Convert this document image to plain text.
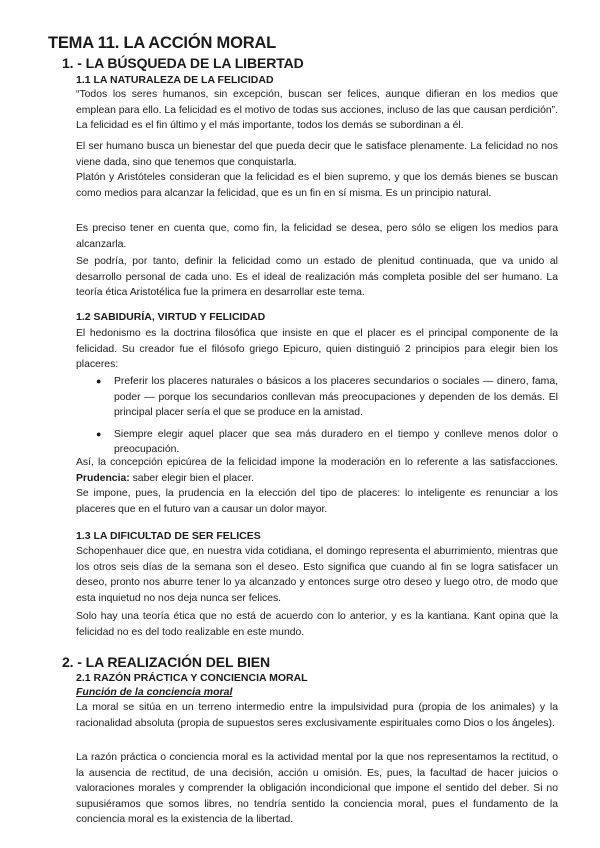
TEMA 11. LA ACCIÓN MORAL
1. - LA BÚSQUEDA DE LA LIBERTAD
1.1 LA NATURALEZA DE LA FELICIDAD

“Todos los seres humanos, sin excepción, buscan ser felices, aunque difieran en los medios que emplean para ello. La felicidad es el motivo de todas sus acciones, incluso de las que causan perdición”. La felicidad es el fin último y el más importante, todos los demás se subordinan a él.

El ser humano busca un bienestar del que pueda decir que le satisface plenamente. La felicidad no nos viene dada, sino que tenemos que conquistarla.

Platón y Aristóteles consideran que la felicidad es el bien supremo, y que los demás bienes se buscan como medios para alcanzar la felicidad, que es un fin en sí misma. Es un principio natural.

Es preciso tener en cuenta que, como fin, la felicidad se desea, pero sólo se eligen los medios para alcanzarla.

Se podría, por tanto, definir la felicidad como un estado de plenitud continuada, que va unido al desarrollo personal de cada uno. Es el ideal de realización más completa posible del ser humano. La teoría ética Aristotélica fue la primera en desarrollar este tema.

1.2 SABIDURÍA, VIRTUD Y FELICIDAD

El hedonismo es la doctrina filosófica que insiste en que el placer es el principal componente de la felicidad. Su creador fue el filósofo griego Epicuro, quien distinguió 2 principios para elegir bien los placeres:

● Preferir los placeres naturales o básicos a los placeres secundarios o sociales — dinero, fama, poder — porque los secundarios conllevan más preocupaciones y dependen de los demás. El principal placer sería el que se produce en la amistad.
● Siempre elegir aquel placer que sea más duradero en el tiempo y conlleve menos dolor o preocupación.

Así, la concepción epicúrea de la felicidad impone la moderación en lo referente a las satisfacciones. Prudencia: saber elegir bien el placer.

Se impone, pues, la prudencia en la elección del tipo de placeres: lo inteligente es renunciar a los placeres que en el futuro van a causar un dolor mayor.

1.3 LA DIFICULTAD DE SER FELICES

Schopenhauer dice que, en nuestra vida cotidiana, el domingo representa el aburrimiento, mientras que los otros seis días de la semana son el deseo. Esto significa que cuando al fin se logra satisfacer un deseo, pronto nos aburre tener lo ya alcanzado y entonces surge otro deseo y luego otro, de modo que esta inquietud no nos deja nunca ser felices.

Solo hay una teoría ética que no está de acuerdo con lo anterior, y es la kantiana. Kant opina que la felicidad no es del todo realizable en este mundo.

2. - LA REALIZACIÓN DEL BIEN
2.1 RAZÓN PRÁCTICA Y CONCIENCIA MORAL
Función de la conciencia moral

La moral se sitúa en un terreno intermedio entre la impulsividad pura (propia de los animales) y la racionalidad absoluta (propia de supuestos seres exclusivamente espirituales como Dios o los ángeles).

La razón práctica o conciencia moral es la actividad mental por la que nos representamos la rectitud, o la ausencia de rectitud, de una decisión, acción u omisión. Es, pues, la facultad de hacer juicios o valoraciones morales y comprender la obligación incondicional que impone el sentido del deber. Si no supusiéramos que somos libres, no tendría sentido la conciencia moral, pues el fundamento de la conciencia moral es la existencia de la libertad.
